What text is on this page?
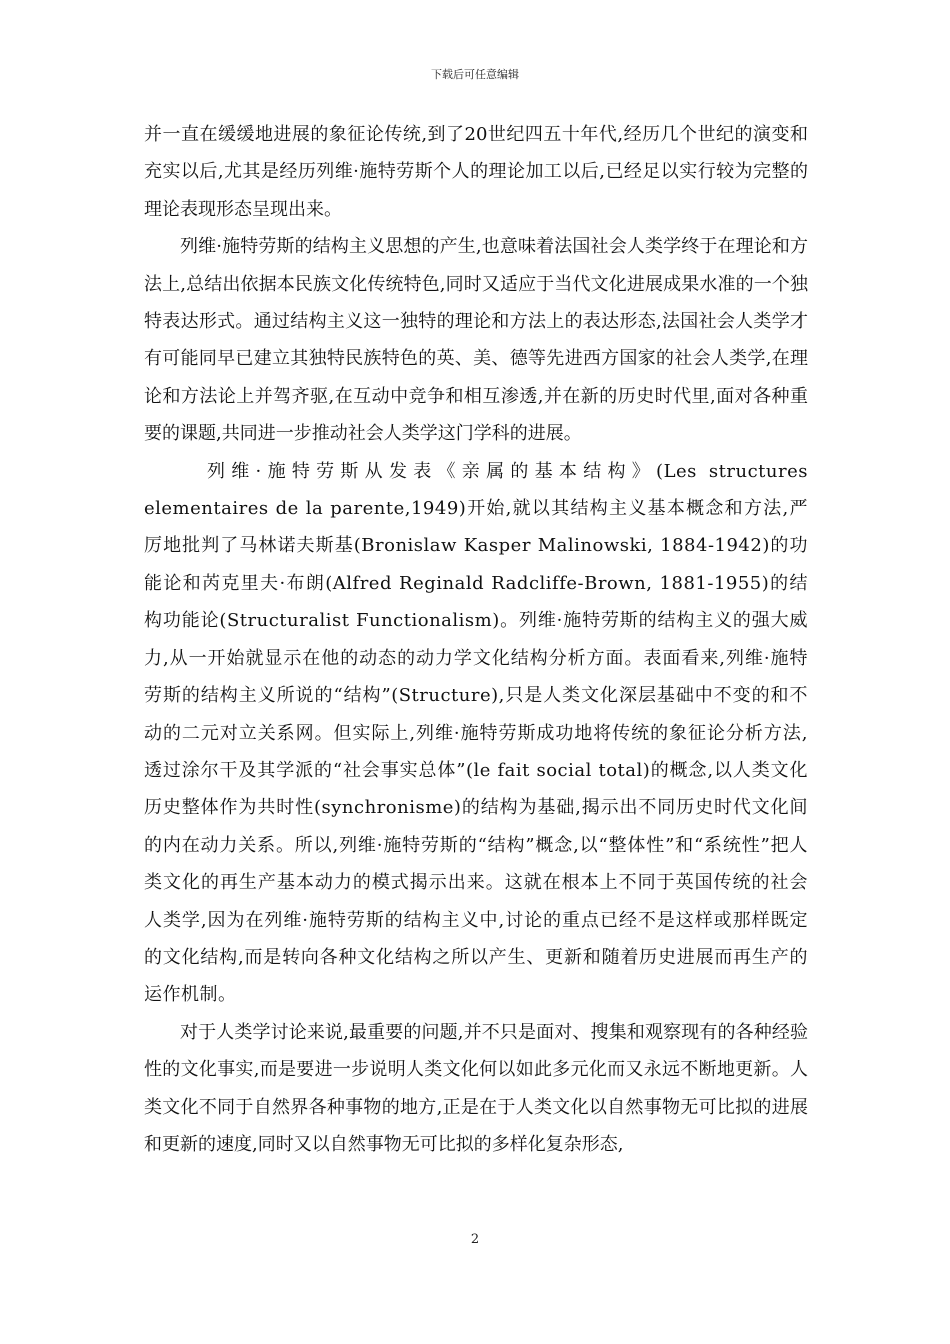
下载后可任意编辑

并一直在缓缓地进展的象征论传统,到了20世纪四五十年代,经历几个世纪的演变和充实以后,尤其是经历列维·施特劳斯个人的理论加工以后,已经足以实行较为完整的理论表现形态呈现出来。

列维·施特劳斯的结构主义思想的产生,也意味着法国社会人类学终于在理论和方法上,总结出依据本民族文化传统特色,同时又适应于当代文化进展成果水准的一个独特表达形式。通过结构主义这一独特的理论和方法上的表达形态,法国社会人类学才有可能同早已建立其独特民族特色的英、美、德等先进西方国家的社会人类学,在理论和方法论上并驾齐驱,在互动中竞争和相互渗透,并在新的历史时代里,面对各种重要的课题,共同进一步推动社会人类学这门学科的进展。

列维·施特劳斯从发表《亲属的基本结构》(Les structures elementaires de la parente,1949)开始,就以其结构主义基本概念和方法,严厉地批判了马林诺夫斯基(Bronislaw Kasper Malinowski, 1884-1942)的功能论和芮克里夫·布朗(Alfred Reginald Radcliffe-Brown, 1881-1955)的结构功能论(Structuralist Functionalism)。列维·施特劳斯的结构主义的强大威力,从一开始就显示在他的动态的动力学文化结构分析方面。表面看来,列维·施特劳斯的结构主义所说的“结构”(Structure),只是人类文化深层基础中不变的和不动的二元对立关系网。但实际上,列维·施特劳斯成功地将传统的象征论分析方法,透过涂尔干及其学派的“社会事实总体”(le fait social total)的概念,以人类文化历史整体作为共时性(synchronisme)的结构为基础,揭示出不同历史时代文化间的内在动力关系。所以,列维·施特劳斯的“结构”概念,以“整体性”和“系统性”把人类文化的再生产基本动力的模式揭示出来。这就在根本上不同于英国传统的社会人类学,因为在列维·施特劳斯的结构主义中,讨论的重点已经不是这样或那样既定的文化结构,而是转向各种文化结构之所以产生、更新和随着历史进展而再生产的运作机制。

对于人类学讨论来说,最重要的问题,并不只是面对、搜集和观察现有的各种经验性的文化事实,而是要进一步说明人类文化何以如此多元化而又永远不断地更新。人类文化不同于自然界各种事物的地方,正是在于人类文化以自然事物无可比拟的进展和更新的速度,同时又以自然事物无可比拟的多样化复杂形态,

2
